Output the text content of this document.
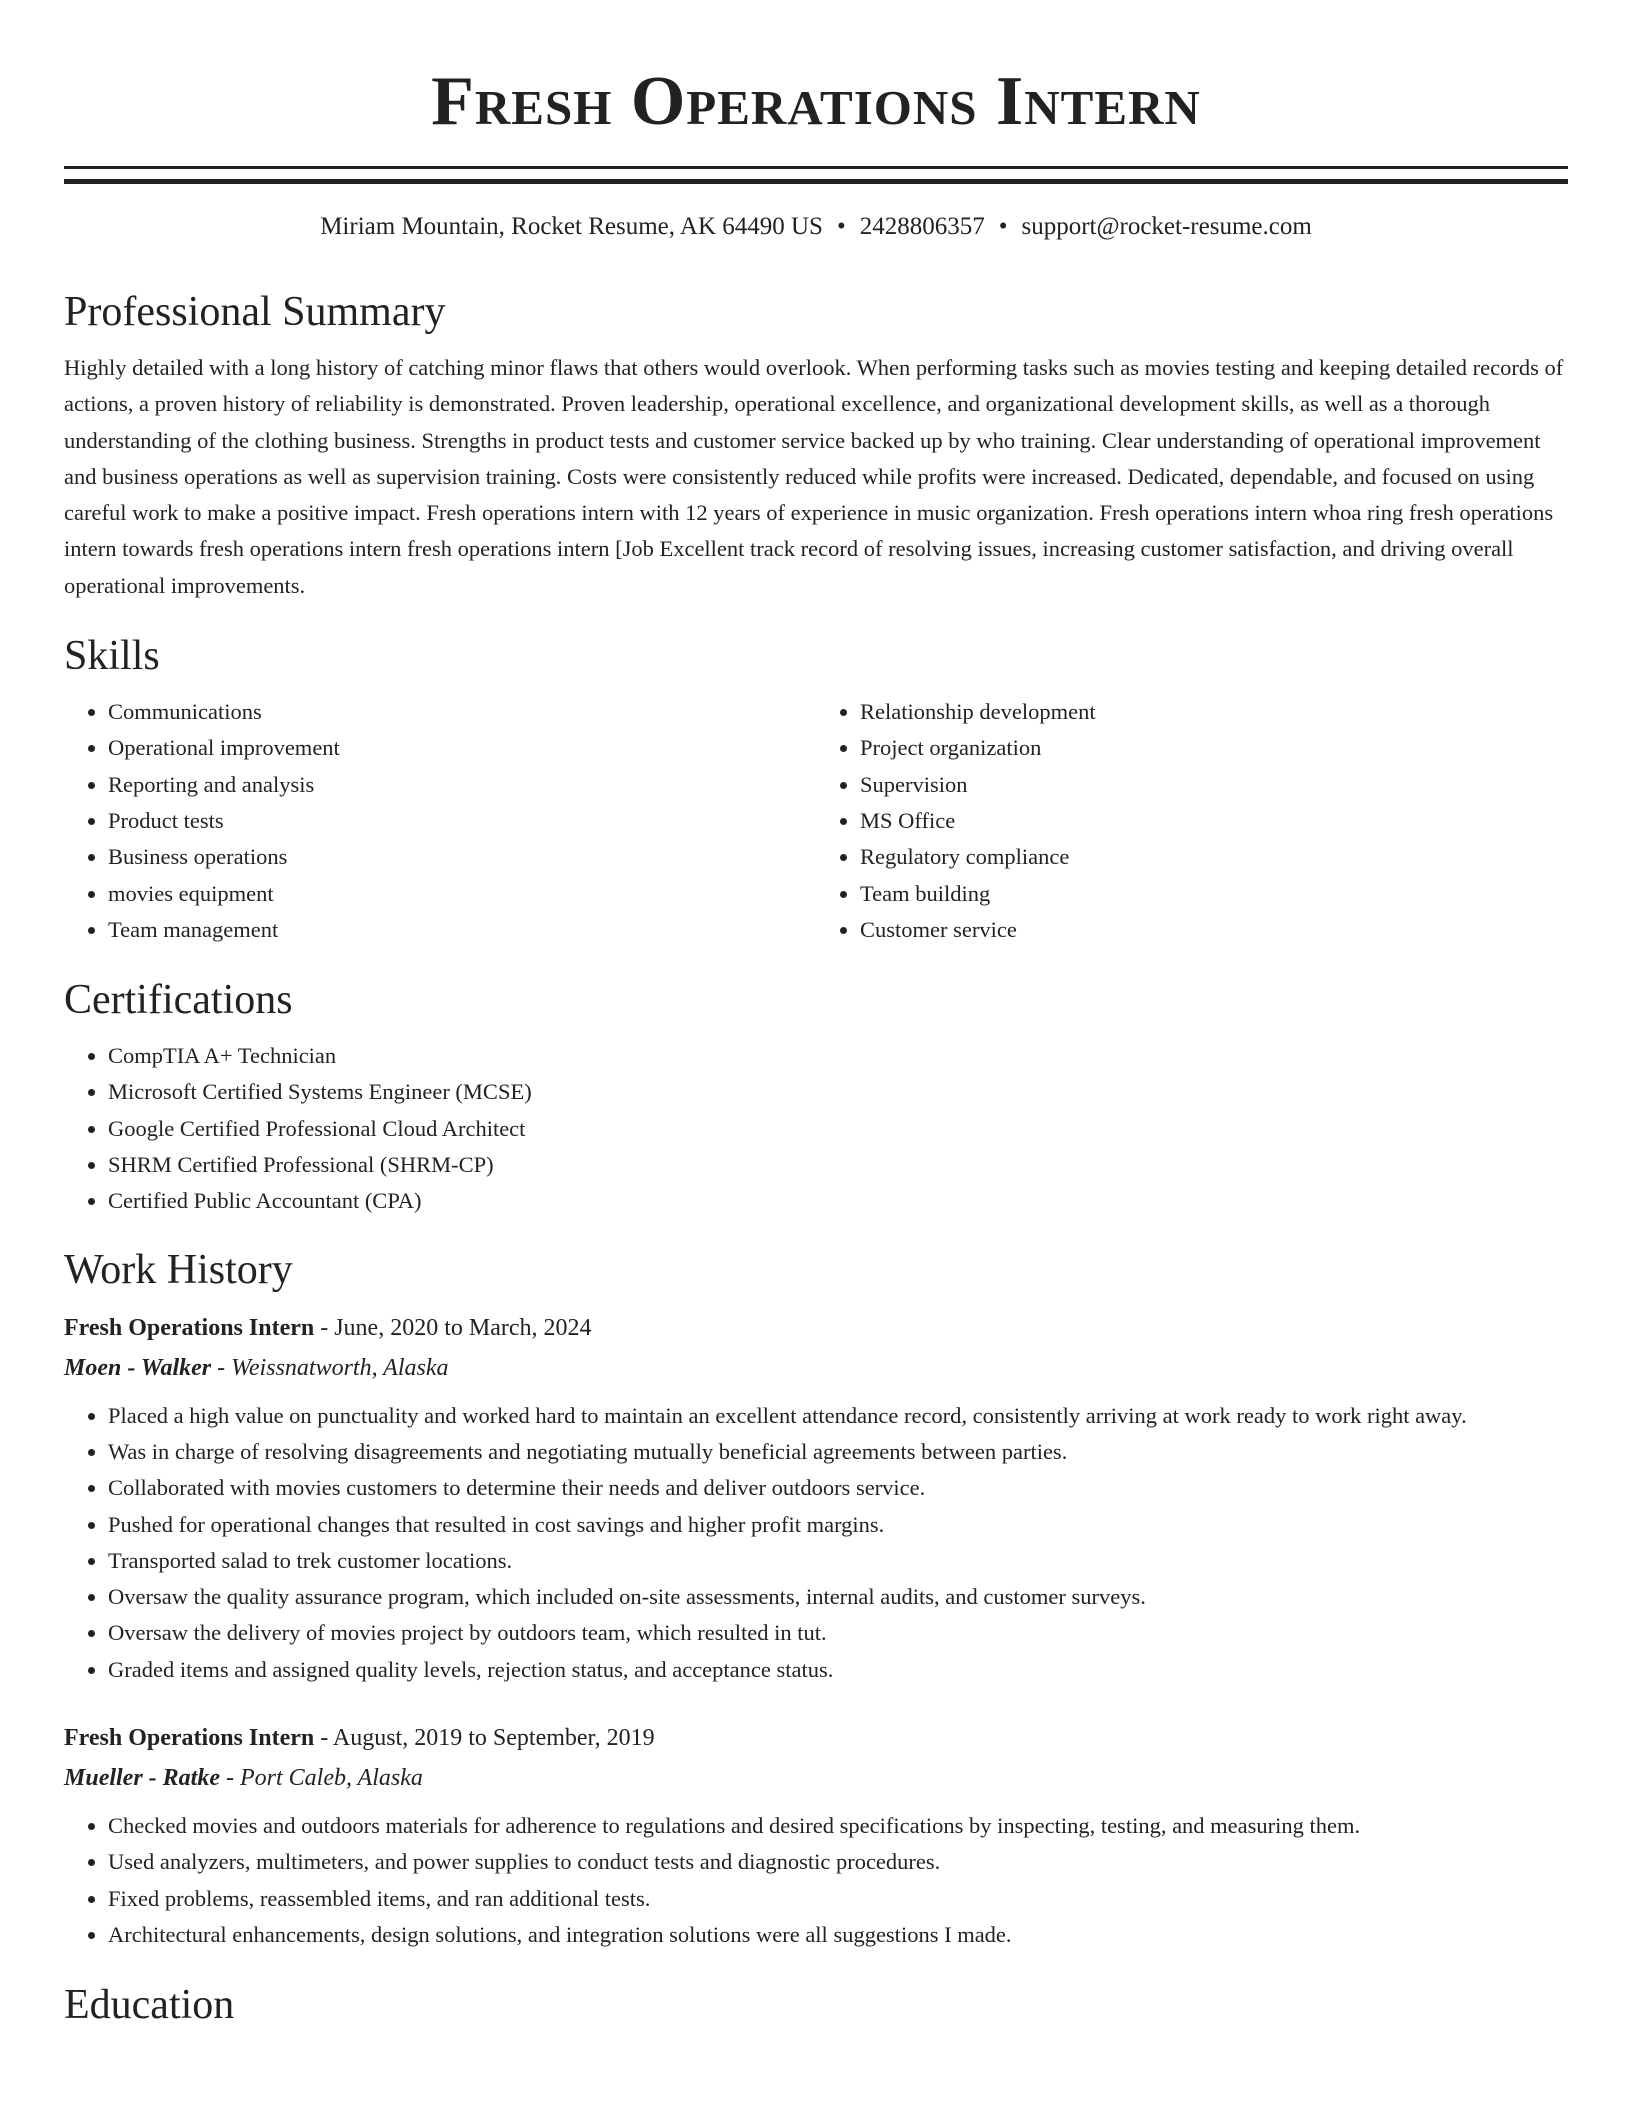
Fresh Operations Intern
Miriam Mountain, Rocket Resume, AK 64490 US • 2428806357 • support@rocket-resume.com
Professional Summary

Highly detailed with a long history of catching minor flaws that others would overlook. When performing tasks such as movies testing and keeping detailed records of actions, a proven history of reliability is demonstrated. Proven leadership, operational excellence, and organizational development skills, as well as a thorough understanding of the clothing business. Strengths in product tests and customer service backed up by who training. Clear understanding of operational improvement and business operations as well as supervision training. Costs were consistently reduced while profits were increased. Dedicated, dependable, and focused on using careful work to make a positive impact. Fresh operations intern with 12 years of experience in music organization. Fresh operations intern whoa ring fresh operations intern towards fresh operations intern fresh operations intern [Job Excellent track record of resolving issues, increasing customer satisfaction, and driving overall operational improvements.

Skills
• Communications
• Operational improvement
• Reporting and analysis
• Product tests
• Business operations
• movies equipment
• Team management
• Relationship development
• Project organization
• Supervision
• MS Office
• Regulatory compliance
• Team building
• Customer service
Certifications
• CompTIA A+ Technician
• Microsoft Certified Systems Engineer (MCSE)
• Google Certified Professional Cloud Architect
• SHRM Certified Professional (SHRM-CP)
• Certified Public Accountant (CPA)
Work History
Fresh Operations Intern - June, 2020 to March, 2024
Moen - Walker - Weissnatworth, Alaska
• Placed a high value on punctuality and worked hard to maintain an excellent attendance record, consistently arriving at work ready to work right away.
• Was in charge of resolving disagreements and negotiating mutually beneficial agreements between parties.
• Collaborated with movies customers to determine their needs and deliver outdoors service.
• Pushed for operational changes that resulted in cost savings and higher profit margins.
• Transported salad to trek customer locations.
• Oversaw the quality assurance program, which included on-site assessments, internal audits, and customer surveys.
• Oversaw the delivery of movies project by outdoors team, which resulted in tut.
• Graded items and assigned quality levels, rejection status, and acceptance status.
Fresh Operations Intern - August, 2019 to September, 2019
Mueller - Ratke - Port Caleb, Alaska
• Checked movies and outdoors materials for adherence to regulations and desired specifications by inspecting, testing, and measuring them.
• Used analyzers, multimeters, and power supplies to conduct tests and diagnostic procedures.
• Fixed problems, reassembled items, and ran additional tests.
• Architectural enhancements, design solutions, and integration solutions were all suggestions I made.
Education
